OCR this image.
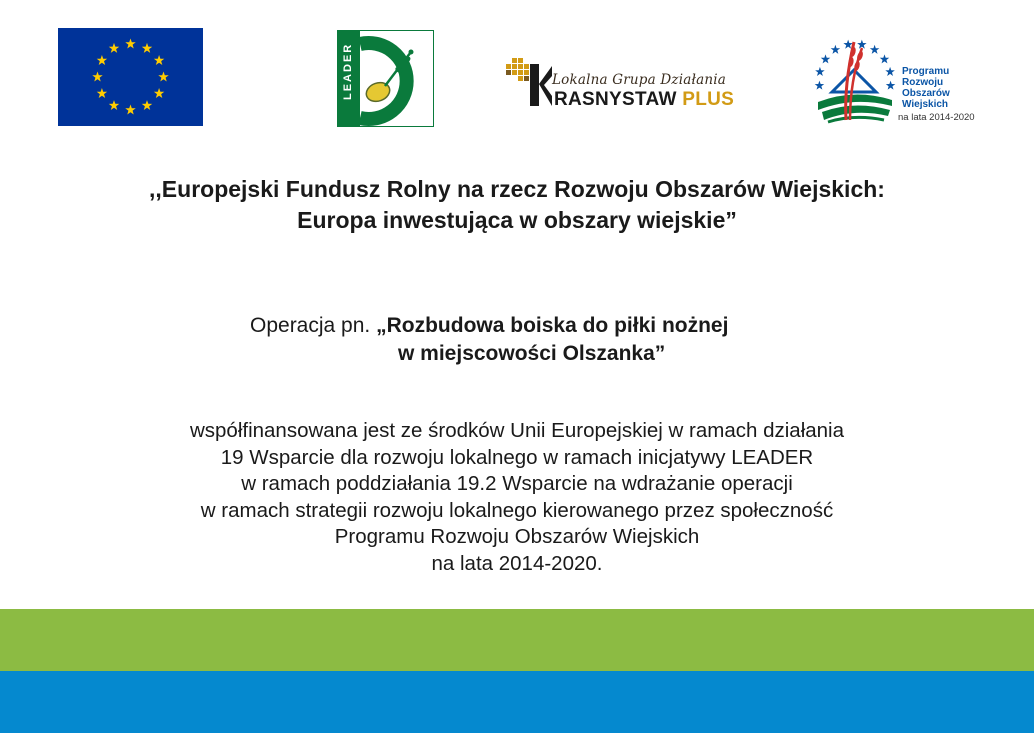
LEADER	Lokalna Grupa Działania
RASNYSTAW PLUS
Programu
Rozwoju
Obszarów
Wiejskich
na lata 2014-2020
,,Europejski Fundusz Rolny na rzecz Rozwoju Obszarów Wiejskich:
Europa inwestująca w obszary wiejskie”
Operacja pn. „Rozbudowa boiska do piłki nożnej
w miejscowości Olszanka”
współfinansowana jest ze środków Unii Europejskiej w ramach działania
19 Wsparcie dla rozwoju lokalnego w ramach inicjatywy LEADER
w ramach poddziałania 19.2 Wsparcie na wdrażanie operacji
w ramach strategii rozwoju lokalnego kierowanego przez społeczność
Programu Rozwoju Obszarów Wiejskich
na lata 2014-2020.
